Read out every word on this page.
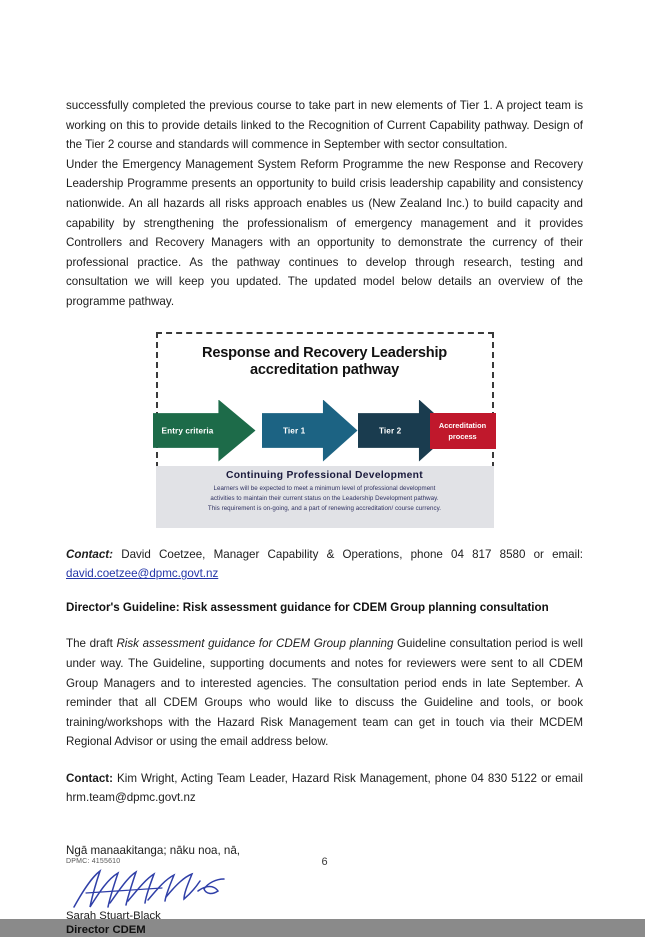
successfully completed the previous course to take part in new elements of Tier 1. A project team is working on this to provide details linked to the Recognition of Current Capability pathway. Design of the Tier 2 course and standards will commence in September with sector consultation.

Under the Emergency Management System Reform Programme the new Response and Recovery Leadership Programme presents an opportunity to build crisis leadership capability and consistency nationwide. An all hazards all risks approach enables us (New Zealand Inc.) to build capacity and capability by strengthening the professionalism of emergency management and it provides Controllers and Recovery Managers with an opportunity to demonstrate the currency of their professional practice. As the pathway continues to develop through research, testing and consultation we will keep you updated. The updated model below details an overview of the programme pathway.

Response and Recovery Leadership
accreditation pathway
Entry criteria	Tier 1	Tier 2
Accreditation
process
Continuing Professional Development
Learners will be expected to meet a minimum level of professional development
activities to maintain their current status on the Leadership Development pathway.
This requirement is on-going, and a part of renewing accreditation/ course currency.

Contact: David Coetzee, Manager Capability & Operations, phone 04 817 8580 or email: david.coetzee@dpmc.govt.nz

Director's Guideline: Risk assessment guidance for CDEM Group planning consultation

The draft Risk assessment guidance for CDEM Group planning Guideline consultation period is well under way. The Guideline, supporting documents and notes for reviewers were sent to all CDEM Group Managers and to interested agencies. The consultation period ends in late September. A reminder that all CDEM Groups who would like to discuss the Guideline and tools, or book training/workshops with the Hazard Risk Management team can get in touch via their MCDEM Regional Advisor or using the email address below.

Contact: Kim Wright, Acting Team Leader, Hazard Risk Management, phone 04 830 5122 or email hrm.team@dpmc.govt.nz

Ngā manaakitanga; nāku noa, nā,

Sarah Stuart-Black
Director CDEM
DPMC: 4155610	6
